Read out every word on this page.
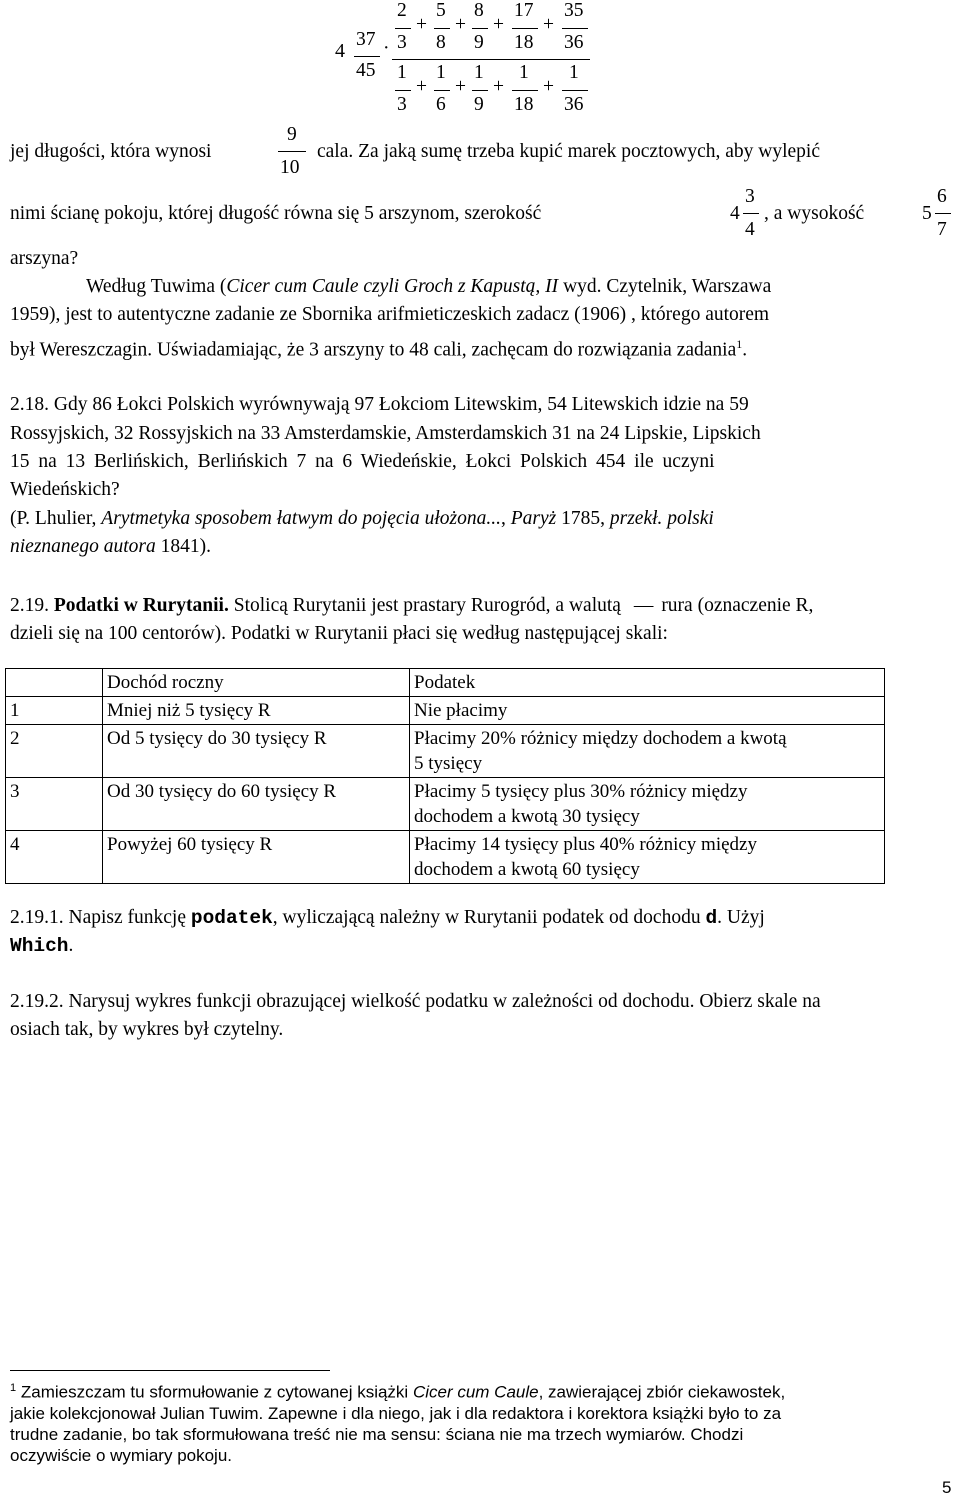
4
37
45
·
2
3
+
5
8
+
8
9
+
17
18
+
35
36
1
3
+
1
6
+
1
9
+
1
18
+
1
36
jej długości, która wynosi
9
10
cala. Za jaką sumę trzeba kupić marek pocztowych, aby wylepić
nimi ścianę pokoju, której długość równa się 5 arszynom, szerokość	4
3
4
, a wysokość	5
6
7
arszyna?
Według Tuwima (Cicer cum Caule czyli Groch z Kapustą, II wyd. Czytelnik, Warszawa
1959), jest to autentyczne zadanie ze Sbornika arifmieticzeskich zadacz (1906) , którego autorem
był Wereszczagin. Uświadamiając, że 3 arszyny to 48 cali, zachęcam do rozwiązania zadania$^1$.
2.18. Gdy 86 Łokci Polskich wyrównywają 97 Łokciom Litewskim, 54 Litewskich idzie na 59
Rossyjskich, 32 Rossyjskich na 33 Amsterdamskie, Amsterdamskich 31 na 24 Lipskie, Lipskich
15 na 13 Berlińskich, Berlińskich 7 na 6 Wiedeńskie, Łokci Polskich 454 ile uczyni
Wiedeńskich?
(P. Lhulier, Arytmetyka sposobem łatwym do pojęcia ułożona..., Paryż 1785, przekł. polski
nieznanego autora 1841).
2.19. Podatki w Rurytanii. Stolicą Rurytanii jest prastary Rurogród, a walutą — rura (oznaczenie R,
dzieli się na 100 centorów). Podatki w Rurytanii płaci się według następującej skali:
	Dochód roczny	Podatek
1	Mniej niż 5 tysięcy R	Nie płacimy

2	Od 5 tysięcy do 30 tysięcy R	Płacimy 20% różnicy między dochodem a kwotą
5 tysięcy

3	Od 30 tysięcy do 60 tysięcy R	Płacimy 5 tysięcy plus 30% różnicy między
dochodem a kwotą 30 tysięcy

4	Powyżej 60 tysięcy R	Płacimy 14 tysięcy plus 40% różnicy między
dochodem a kwotą 60 tysięcy
2.19.1. Napisz funkcję podatek, wyliczającą należny w Rurytanii podatek od dochodu d. Użyj
Which.
2.19.2. Narysuj wykres funkcji obrazującej wielkość podatku w zależności od dochodu. Obierz skale na
osiach tak, by wykres był czytelny.
$^1$ Zamieszczam tu sformułowanie z cytowanej książki Cicer cum Caule, zawierającej zbiór ciekawostek,
jakie kolekcjonował Julian Tuwim. Zapewne i dla niego, jak i dla redaktora i korektora książki było to za
trudne zadanie, bo tak sformułowana treść nie ma sensu: ściana nie ma trzech wymiarów. Chodzi
oczywiście o wymiary pokoju.
5
